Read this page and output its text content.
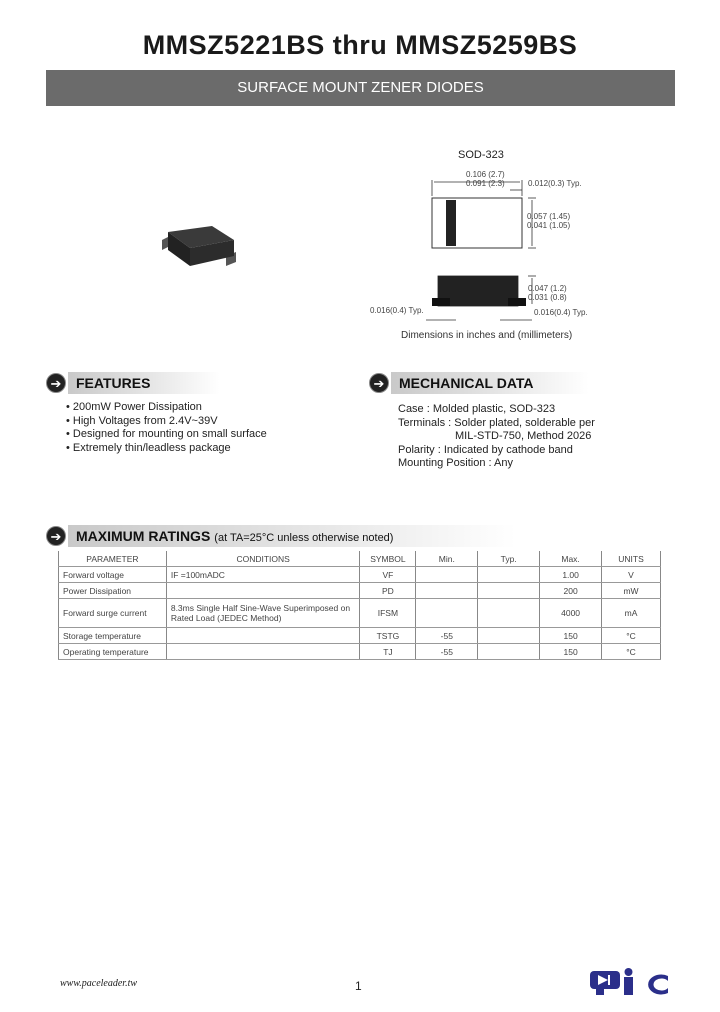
MMSZ5221BS thru MMSZ5259BS
SURFACE MOUNT ZENER DIODES
SOD-323
0.106 (2.7)
0.091 (2.3)	0.012(0.3) Typ.
0.057 (1.45)
0.041 (1.05)
0.047 (1.2)
0.031 (0.8)
0.016(0.4) Typ.	0.016(0.4) Typ.
Dimensions in inches and (millimeters)
➔	FEATURES
• 200mW Power Dissipation
• High Voltages from 2.4V~39V
• Designed for mounting on small surface
• Extremely thin/leadless package
➔	MECHANICAL DATA
Case : Molded plastic, SOD-323
Terminals : Solder plated, solderable per
MIL-STD-750, Method 2026
Polarity : Indicated by cathode band
Mounting Position : Any
➔	MAXIMUM RATINGS (at TA=25°C unless otherwise noted)
PARAMETER	CONDITIONS	SYMBOL	Min.	Typ.	Max.	UNITS
Forward voltage	IF =100mADC	VF			1.00	V
Power Dissipation		PD			200	mW
Forward surge current	8.3ms Single Half Sine-Wave Superimposed on Rated Load (JEDEC Method)	IFSM			4000	mA
Storage temperature		TSTG	-55		150	°C
Operating temperature		TJ	-55		150	°C
www.paceleader.tw	1
